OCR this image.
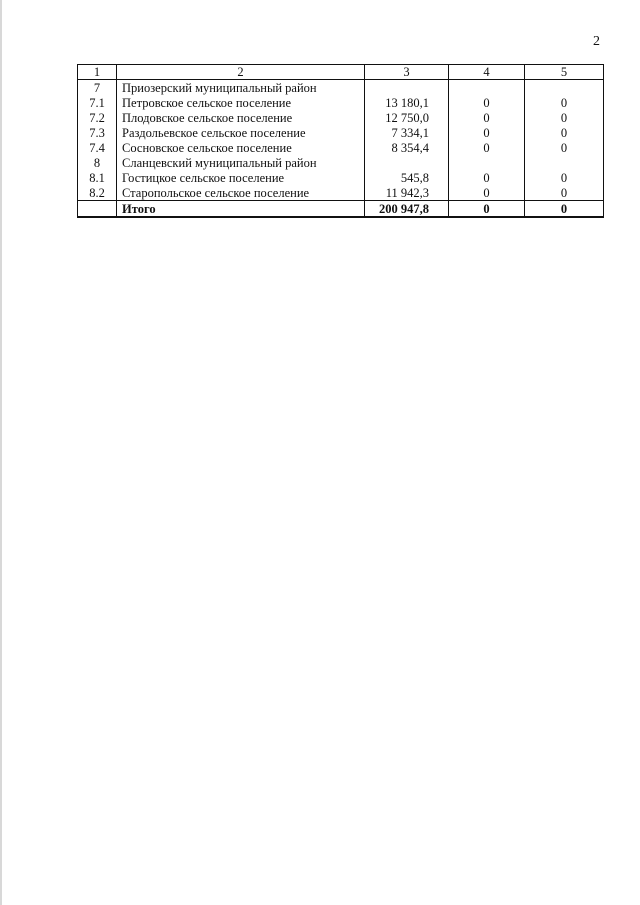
2
1	2	3	4	5
7	Приозерский муниципальный район			
7.1	Петровское сельское поселение	13 180,1	0	0
7.2	Плодовское сельское поселение	12 750,0	0	0
7.3	Раздольевское сельское поселение	7 334,1	0	0
7.4	Сосновское сельское поселение	8 354,4	0	0
8	Сланцевский муниципальный район			
8.1	Гостицкое сельское поселение	545,8	0	0
8.2	Старопольское сельское поселение	11 942,3	0	0
	Итого	200 947,8	0	0
